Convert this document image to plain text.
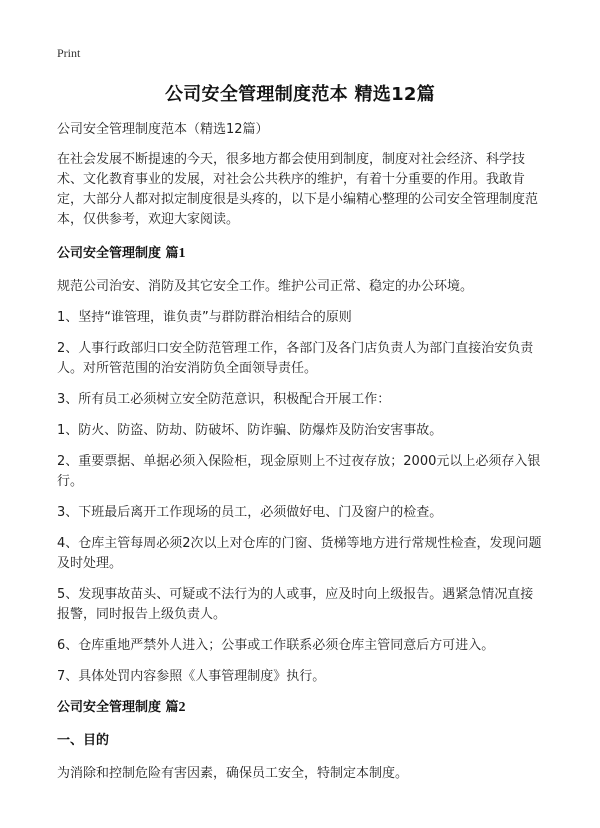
Print
公司安全管理制度范本 精选12篇

公司安全管理制度范本（精选12篇）

在社会发展不断提速的今天，很多地方都会使用到制度，制度对社会经济、科学技术、文化教育事业的发展，对社会公共秩序的维护，有着十分重要的作用。我敢肯定，大部分人都对拟定制度很是头疼的，以下是小编精心整理的公司安全管理制度范本，仅供参考，欢迎大家阅读。

公司安全管理制度 篇1

规范公司治安、消防及其它安全工作。维护公司正常、稳定的办公环境。

1、坚持“谁管理，谁负责”与群防群治相结合的原则

2、人事行政部归口安全防范管理工作，各部门及各门店负责人为部门直接治安负责人。对所管范围的治安消防负全面领导责任。

3、所有员工必须树立安全防范意识，积极配合开展工作：

1、防火、防盗、防劫、防破坏、防诈骗、防爆炸及防治安害事故。

2、重要票据、单据必须入保险柜，现金原则上不过夜存放；2000元以上必须存入银行。

3、下班最后离开工作现场的员工，必须做好电、门及窗户的检查。

4、仓库主管每周必须2次以上对仓库的门窗、货梯等地方进行常规性检查，发现问题及时处理。

5、发现事故苗头、可疑或不法行为的人或事，应及时向上级报告。遇紧急情况直接报警，同时报告上级负责人。

6、仓库重地严禁外人进入；公事或工作联系必须仓库主管同意后方可进入。

7、具体处罚内容参照《人事管理制度》执行。

公司安全管理制度 篇2
一、目的

为消除和控制危险有害因素，确保员工安全，特制定本制度。
